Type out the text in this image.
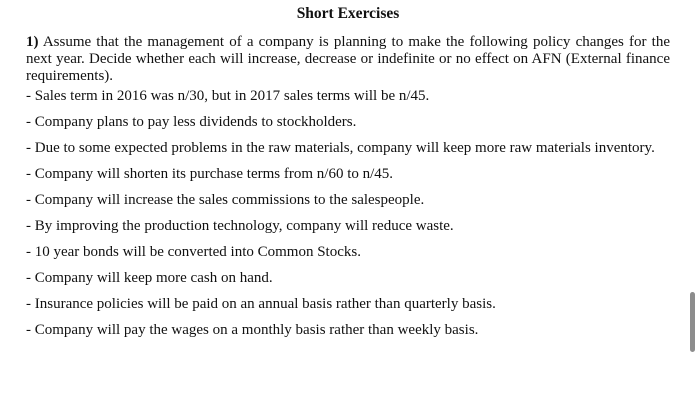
Short Exercises

1) Assume that the management of a company is planning to make the following policy changes for the next year. Decide whether each will increase, decrease or indefinite or no effect on AFN (External finance requirements).

- Sales term in 2016 was n/30, but in 2017 sales terms will be n/45.
- Company plans to pay less dividends to stockholders.
- Due to some expected problems in the raw materials, company will keep more raw materials inventory.
- Company will shorten its purchase terms from n/60 to n/45.
- Company will increase the sales commissions to the salespeople.
- By improving the production technology, company will reduce waste.
- 10 year bonds will be converted into Common Stocks.
- Company will keep more cash on hand.
- Insurance policies will be paid on an annual basis rather than quarterly basis.
- Company will pay the wages on a monthly basis rather than weekly basis.
